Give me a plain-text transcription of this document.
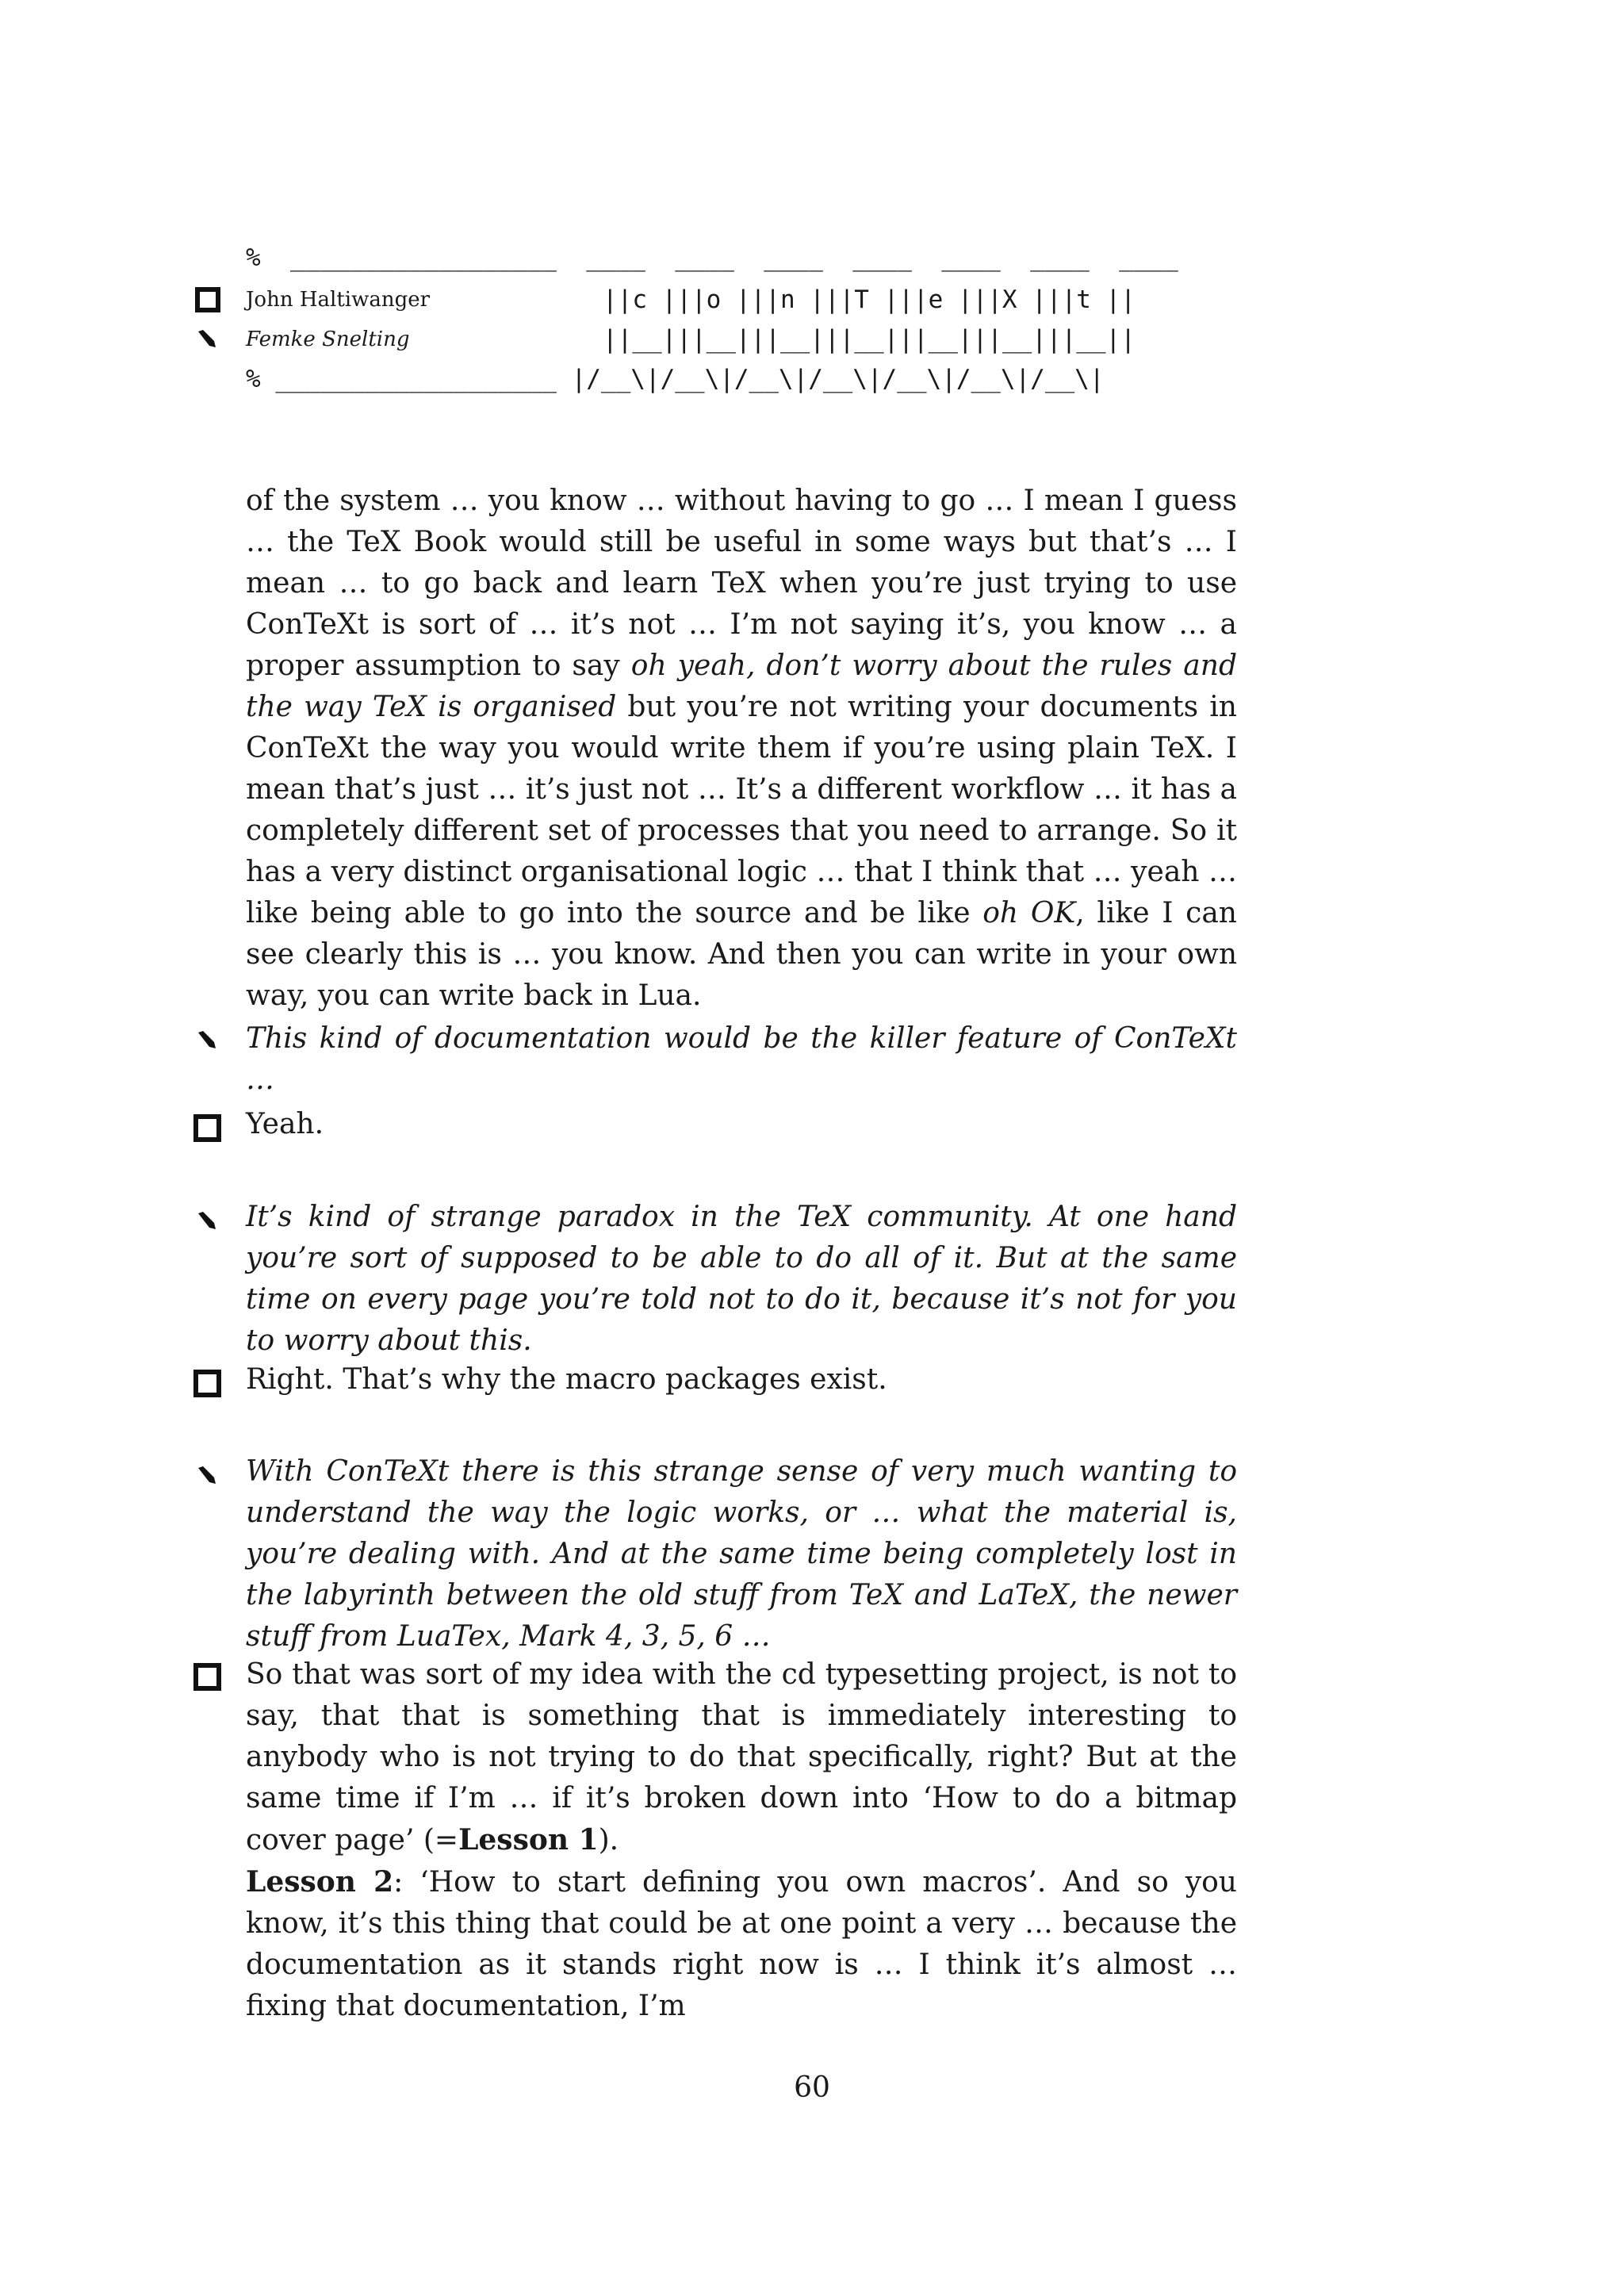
%  __________________  ____  ____  ____  ____  ____  ____  ____
John Haltiwanger	||c |||o |||n |||T |||e |||X |||t ||
Femke Snelting	||__|||__|||__|||__|||__|||__|||__||
% ___________________ |/__\|/__\|/__\|/__\|/__\|/__\|/__\|

of the system … you know … without having to go … I mean I guess … the TeX Book would still be useful in some ways but that’s … I mean … to go back and learn TeX when you’re just trying to use ConTeXt is sort of … it’s not … I’m not saying it’s, you know … a proper assumption to say oh yeah, don’t worry about the rules and the way TeX is organised but you’re not writing your documents in ConTeXt the way you would write them if you’re using plain TeX. I mean that’s just … it’s just not … It’s a different workflow … it has a completely different set of processes that you need to arrange. So it has a very distinct organisational logic … that I think that … yeah … like being able to go into the source and be like oh OK, like I can see clearly this is … you know. And then you can write in your own way, you can write back in Lua.

This kind of documentation would be the killer feature of ConTeXt …

Yeah.

It’s kind of strange paradox in the TeX community. At one hand you’re sort of supposed to be able to do all of it. But at the same time on every page you’re told not to do it, because it’s not for you to worry about this.

Right. That’s why the macro packages exist.

With ConTeXt there is this strange sense of very much wanting to understand the way the logic works, or … what the material is, you’re dealing with. And at the same time being completely lost in the labyrinth between the old stuff from TeX and LaTeX, the newer stuff from LuaTex, Mark 4, 3, 5, 6 …

So that was sort of my idea with the cd typesetting project, is not to say, that that is something that is immediately interesting to anybody who is not trying to do that specifically, right? But at the same time if I’m … if it’s broken down into ‘How to do a bitmap cover page’ (=Lesson 1).
Lesson 2: ‘How to start defining you own macros’. And so you know, it’s this thing that could be at one point a very … because the documentation as it stands right now is … I think it’s almost … fixing that documentation, I’m

60
